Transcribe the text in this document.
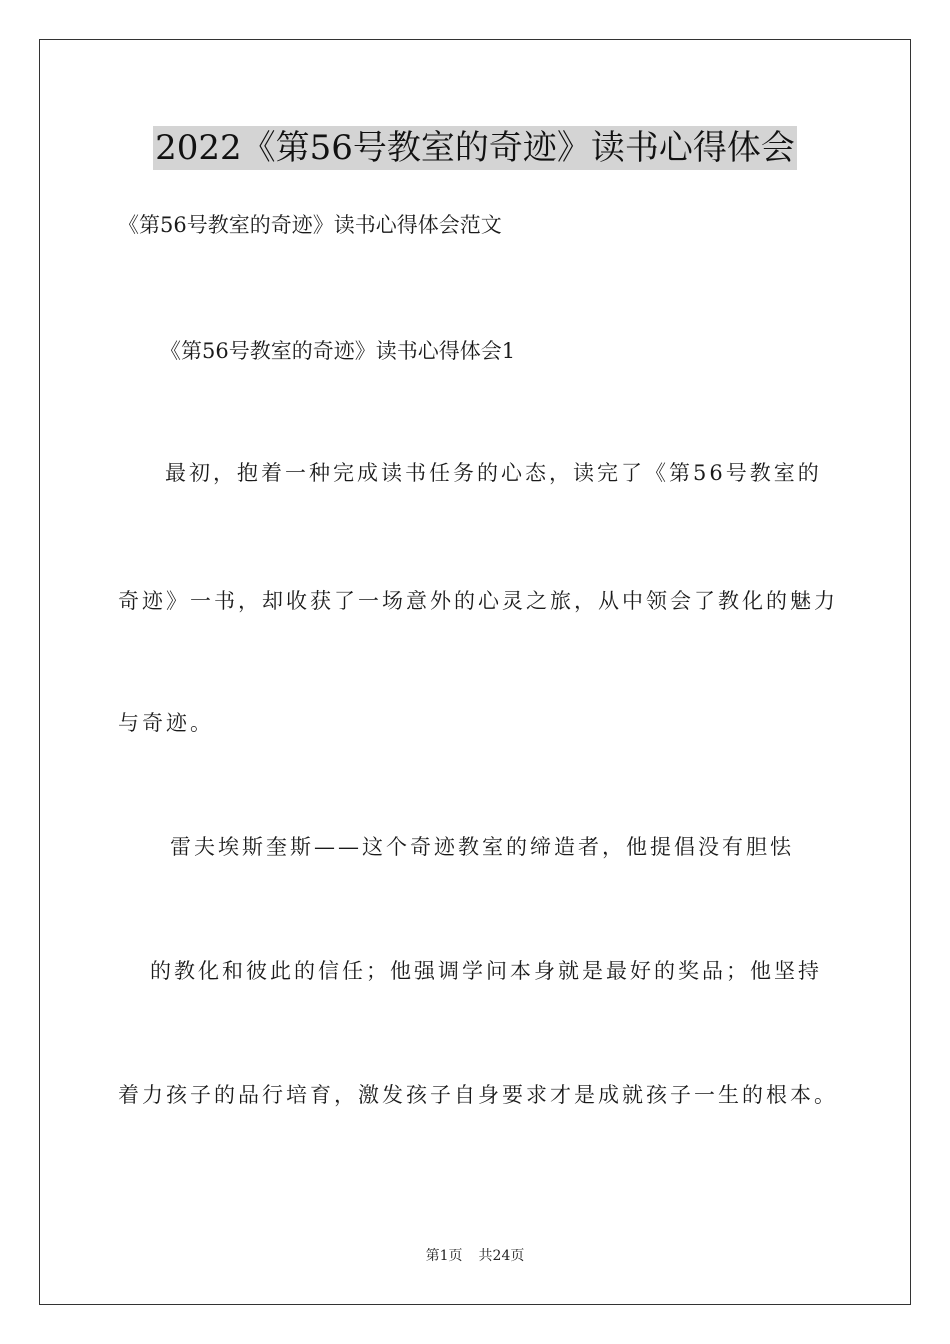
2022《第56号教室的奇迹》读书心得体会
《第56号教室的奇迹》读书心得体会范文
《第56号教室的奇迹》读书心得体会1
最初，抱着一种完成读书任务的心态，读完了《第56号教室的
奇迹》一书，却收获了一场意外的心灵之旅，从中领会了教化的魅力
与奇迹。
雷夫埃斯奎斯——这个奇迹教室的缔造者，他提倡没有胆怯
的教化和彼此的信任；他强调学问本身就是最好的奖品；他坚持
着力孩子的品行培育，激发孩子自身要求才是成就孩子一生的根本。
第1页 共24页
